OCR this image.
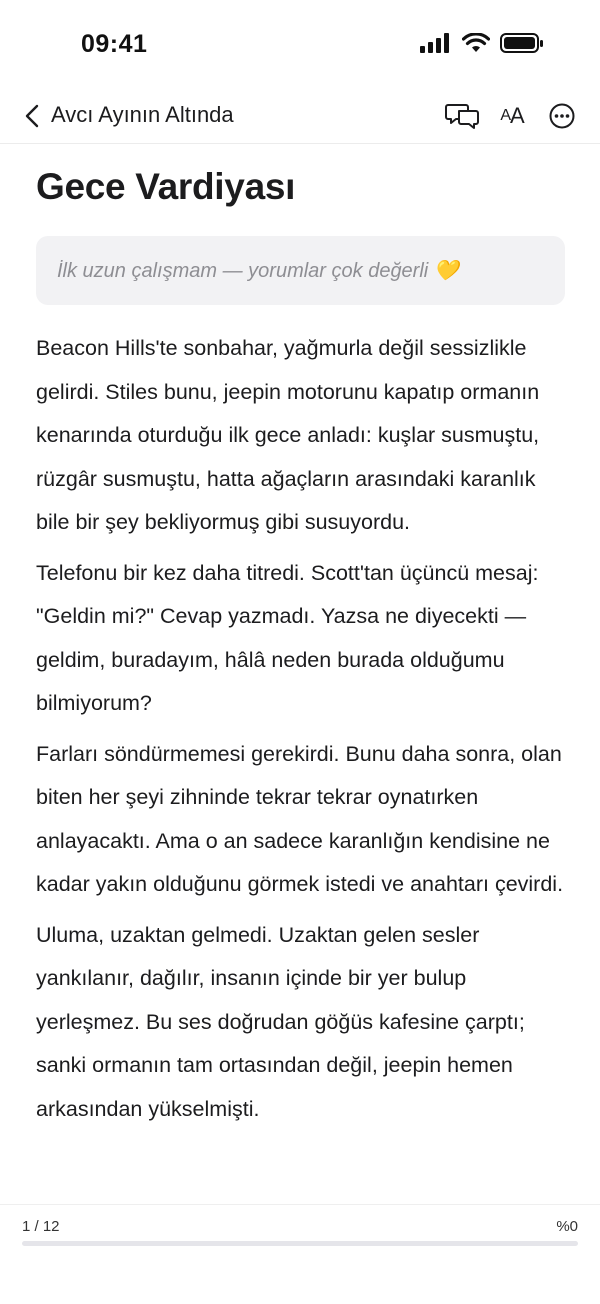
09:41
Avcı Ayının Altında	A A
Gece Vardiyası
İlk uzun çalışmam — yorumlar çok değerli 💛

Beacon Hills'te sonbahar, yağmurla değil sessizlikle gelirdi. Stiles bunu, jeepin motorunu kapatıp ormanın kenarında oturduğu ilk gece anladı: kuşlar susmuştu, rüzgâr susmuştu, hatta ağaçların arasındaki karanlık bile bir şey bekliyormuş gibi susuyordu.

Telefonu bir kez daha titredi. Scott'tan üçüncü mesaj: "Geldin mi?" Cevap yazmadı. Yazsa ne diyecekti — geldim, buradayım, hâlâ neden burada olduğumu bilmiyorum?

Farları söndürmemesi gerekirdi. Bunu daha sonra, olan biten her şeyi zihninde tekrar tekrar oynatırken anlayacaktı. Ama o an sadece karanlığın kendisine ne kadar yakın olduğunu görmek istedi ve anahtarı çevirdi.

Uluma, uzaktan gelmedi. Uzaktan gelen sesler yankılanır, dağılır, insanın içinde bir yer bulup yerleşmez. Bu ses doğrudan göğüs kafesine çarptı; sanki ormanın tam ortasından değil, jeepin hemen arkasından yükselmişti.

1 / 12	%0
